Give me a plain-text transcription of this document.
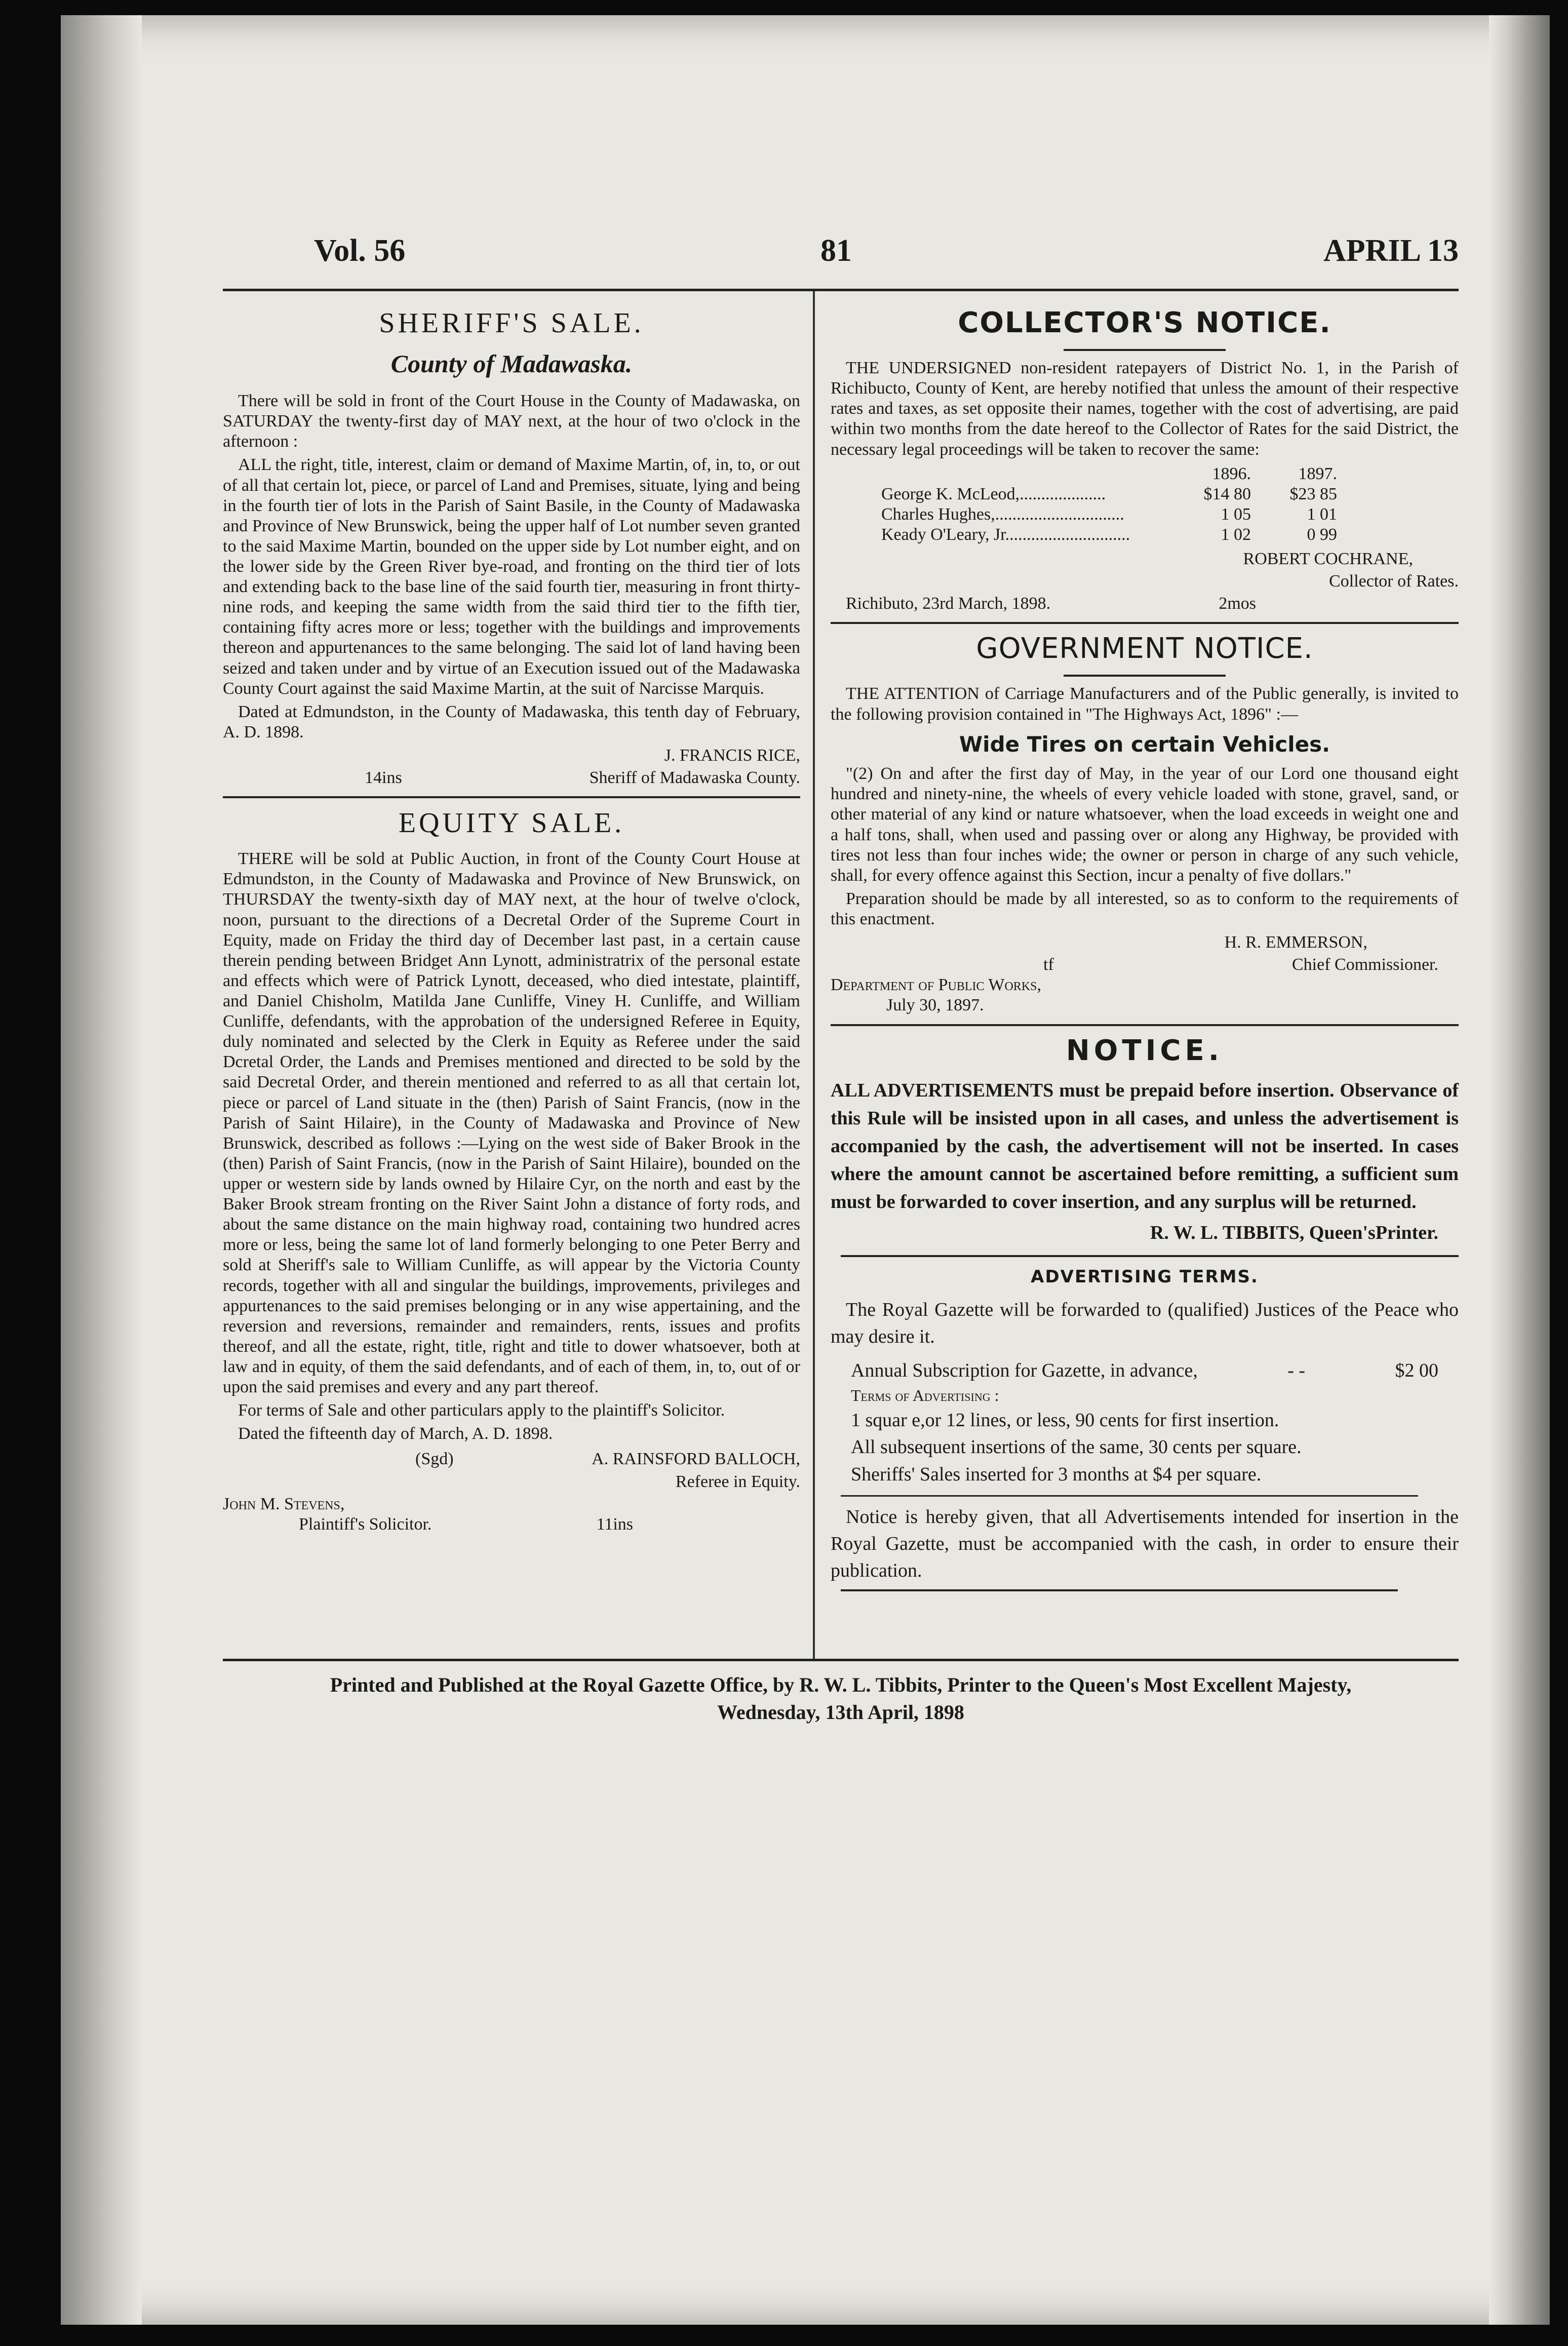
Vol. 56	81	APRIL 13
SHERIFF'S SALE.
County of Madawaska.

There will be sold in front of the Court House in the County of Madawaska, on SATURDAY the twenty-first day of MAY next, at the hour of two o'clock in the afternoon :

ALL the right, title, interest, claim or demand of Maxime Martin, of, in, to, or out of all that certain lot, piece, or parcel of Land and Premises, situate, lying and being in the fourth tier of lots in the Parish of Saint Basile, in the County of Madawaska and Province of New Brunswick, being the upper half of Lot number seven granted to the said Maxime Martin, bounded on the upper side by Lot number eight, and on the lower side by the Green River bye-road, and fronting on the third tier of lots and extending back to the base line of the said fourth tier, measuring in front thirty-nine rods, and keeping the same width from the said third tier to the fifth tier, containing fifty acres more or less; together with the buildings and improvements thereon and appurtenances to the same belonging. The said lot of land having been seized and taken under and by virtue of an Execution issued out of the Madawaska County Court against the said Maxime Martin, at the suit of Narcisse Marquis.

Dated at Edmundston, in the County of Madawaska, this tenth day of February, A. D. 1898.

J. FRANCIS RICE,
14ins	Sheriff of Madawaska County.
EQUITY SALE.

THERE will be sold at Public Auction, in front of the County Court House at Edmundston, in the County of Madawaska and Province of New Brunswick, on THURSDAY the twenty-sixth day of MAY next, at the hour of twelve o'clock, noon, pursuant to the directions of a Decretal Order of the Supreme Court in Equity, made on Friday the third day of December last past, in a certain cause therein pending between Bridget Ann Lynott, administratrix of the personal estate and effects which were of Patrick Lynott, deceased, who died intestate, plaintiff, and Daniel Chisholm, Matilda Jane Cunliffe, Viney H. Cunliffe, and William Cunliffe, defendants, with the approbation of the undersigned Referee in Equity, duly nominated and selected by the Clerk in Equity as Referee under the said Dcretal Order, the Lands and Premises mentioned and directed to be sold by the said Decretal Order, and therein mentioned and referred to as all that certain lot, piece or parcel of Land situate in the (then) Parish of Saint Francis, (now in the Parish of Saint Hilaire), in the County of Madawaska and Province of New Brunswick, described as follows :—Lying on the west side of Baker Brook in the (then) Parish of Saint Francis, (now in the Parish of Saint Hilaire), bounded on the upper or western side by lands owned by Hilaire Cyr, on the north and east by the Baker Brook stream fronting on the River Saint John a distance of forty rods, and about the same distance on the main highway road, containing two hundred acres more or less, being the same lot of land formerly belonging to one Peter Berry and sold at Sheriff's sale to William Cunliffe, as will appear by the Victoria County records, together with all and singular the buildings, improvements, privileges and appurtenances to the said premises belonging or in any wise appertaining, and the reversion and reversions, remainder and remainders, rents, issues and profits thereof, and all the estate, right, title, right and title to dower whatsoever, both at law and in equity, of them the said defendants, and of each of them, in, to, out of or upon the said premises and every and any part thereof.

For terms of Sale and other particulars apply to the plaintiff's Solicitor.

Dated the fifteenth day of March, A. D. 1898.

(Sgd)	A. RAINSFORD BALLOCH,
Referee in Equity.
John M. Stevens,
Plaintiff's Solicitor.	11ins
COLLECTOR'S NOTICE.

THE UNDERSIGNED non-resident ratepayers of District No. 1, in the Parish of Richibucto, County of Kent, are hereby notified that unless the amount of their respective rates and taxes, as set opposite their names, together with the cost of advertising, are paid within two months from the date hereof to the Collector of Rates for the said District, the necessary legal proceedings will be taken to recover the same:

1896.	1897.
George K. McLeod,....................	$14 80	$23 85
Charles Hughes,..............................	1 05	1 01
Keady O'Leary, Jr.............................	1 02	0 99
ROBERT COCHRANE,
Collector of Rates.
Richibuto, 23rd March, 1898.	2mos
GOVERNMENT NOTICE.

THE ATTENTION of Carriage Manufacturers and of the Public generally, is invited to the following provision contained in "The Highways Act, 1896" :—

Wide Tires on certain Vehicles.

"(2) On and after the first day of May, in the year of our Lord one thousand eight hundred and ninety-nine, the wheels of every vehicle loaded with stone, gravel, sand, or other material of any kind or nature whatsoever, when the load exceeds in weight one and a half tons, shall, when used and passing over or along any Highway, be provided with tires not less than four inches wide; the owner or person in charge of any such vehicle, shall, for every offence against this Section, incur a penalty of five dollars."

Preparation should be made by all interested, so as to conform to the requirements of this enactment.

H. R. EMMERSON,
tf	Chief Commissioner.
Department of Public Works,
July 30, 1897.
NOTICE.

ALL ADVERTISEMENTS must be prepaid before insertion. Observance of this Rule will be insisted upon in all cases, and unless the advertisement is accompanied by the cash, the advertisement will not be inserted. In cases where the amount cannot be ascertained before remitting, a sufficient sum must be forwarded to cover insertion, and any surplus will be returned.

R. W. L. TIBBITS, Queen'sPrinter.
ADVERTISING TERMS.

The Royal Gazette will be forwarded to (qualified) Justices of the Peace who may desire it.

Annual Subscription for Gazette, in advance,	- -	$2 00
Terms of Advertising :
1 squar e,or 12 lines, or less, 90 cents for first insertion.
All subsequent insertions of the same, 30 cents per square.
Sheriffs' Sales inserted for 3 months at $4 per square.

Notice is hereby given, that all Advertisements intended for insertion in the Royal Gazette, must be accompanied with the cash, in order to ensure their publication.

Printed and Published at the Royal Gazette Office, by R. W. L. Tibbits, Printer to the Queen's Most Excellent Majesty,
Wednesday, 13th April, 1898
